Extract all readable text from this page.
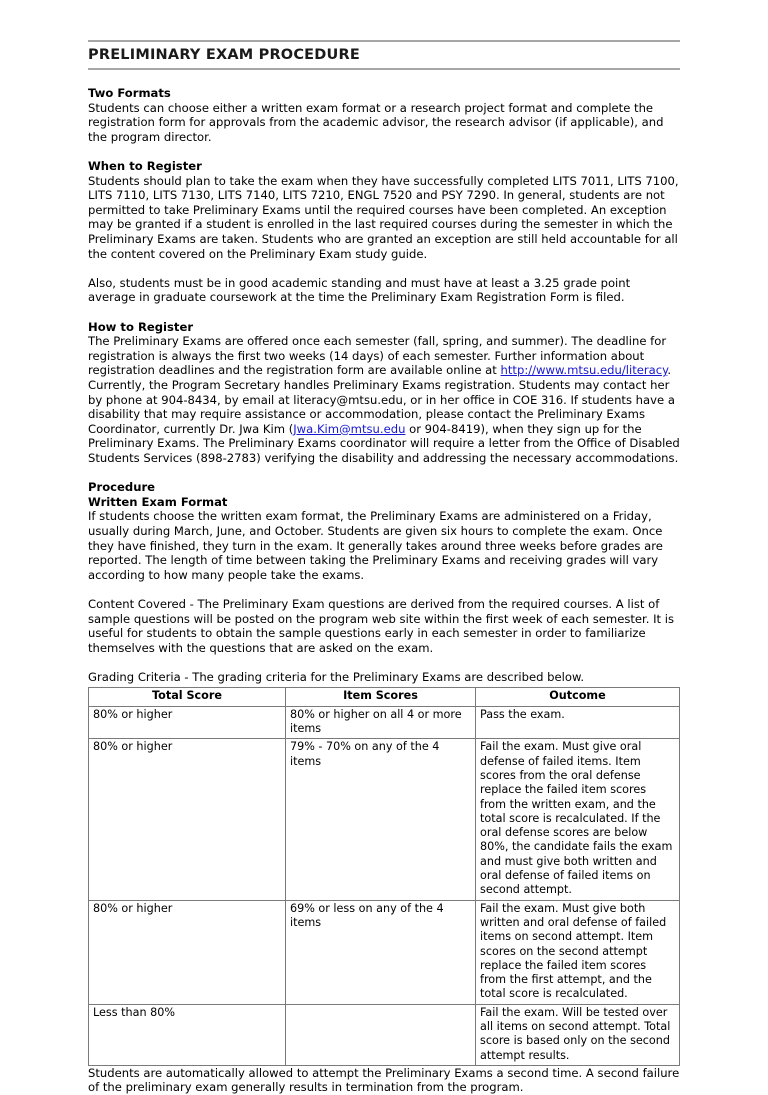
PRELIMINARY EXAM PROCEDURE
Two Formats

Students can choose either a written exam format or a research project format and complete the registration form for approvals from the academic advisor, the research advisor (if applicable), and the program director.

When to Register

Students should plan to take the exam when they have successfully completed LITS 7011, LITS 7100, LITS 7110, LITS 7130, LITS 7140, LITS 7210, ENGL 7520 and PSY 7290. In general, students are not permitted to take Preliminary Exams until the required courses have been completed. An exception may be granted if a student is enrolled in the last required courses during the semester in which the Preliminary Exams are taken. Students who are granted an exception are still held accountable for all the content covered on the Preliminary Exam study guide.

Also, students must be in good academic standing and must have at least a 3.25 grade point average in graduate coursework at the time the Preliminary Exam Registration Form is filed.

How to Register

The Preliminary Exams are offered once each semester (fall, spring, and summer). The deadline for registration is always the first two weeks (14 days) of each semester. Further information about registration deadlines and the registration form are available online at http://www.mtsu.edu/literacy. Currently, the Program Secretary handles Preliminary Exams registration. Students may contact her by phone at 904-8434, by email at literacy@mtsu.edu, or in her office in COE 316. If students have a disability that may require assistance or accommodation, please contact the Preliminary Exams Coordinator, currently Dr. Jwa Kim (Jwa.Kim@mtsu.edu or 904-8419), when they sign up for the Preliminary Exams. The Preliminary Exams coordinator will require a letter from the Office of Disabled Students Services (898-2783) verifying the disability and addressing the necessary accommodations.

Procedure
Written Exam Format

If students choose the written exam format, the Preliminary Exams are administered on a Friday, usually during March, June, and October. Students are given six hours to complete the exam. Once they have finished, they turn in the exam. It generally takes around three weeks before grades are reported. The length of time between taking the Preliminary Exams and receiving grades will vary according to how many people take the exams.

Content Covered - The Preliminary Exam questions are derived from the required courses. A list of sample questions will be posted on the program web site within the first week of each semester. It is useful for students to obtain the sample questions early in each semester in order to familiarize themselves with the questions that are asked on the exam.

Grading Criteria - The grading criteria for the Preliminary Exams are described below.

Total Score	Item Scores	Outcome
80% or higher	80% or higher on all 4 or more items	Pass the exam.
80% or higher	79% - 70% on any of the 4 items	Fail the exam. Must give oral defense of failed items. Item scores from the oral defense replace the failed item scores from the written exam, and the total score is recalculated. If the oral defense scores are below 80%, the candidate fails the exam and must give both written and oral defense of failed items on second attempt.
80% or higher	69% or less on any of the 4 items	Fail the exam. Must give both written and oral defense of failed items on second attempt. Item scores on the second attempt replace the failed item scores from the first attempt, and the total score is recalculated.
Less than 80%		Fail the exam. Will be tested over all items on second attempt. Total score is based only on the second attempt results.

Students are automatically allowed to attempt the Preliminary Exams a second time. A second failure of the preliminary exam generally results in termination from the program.
